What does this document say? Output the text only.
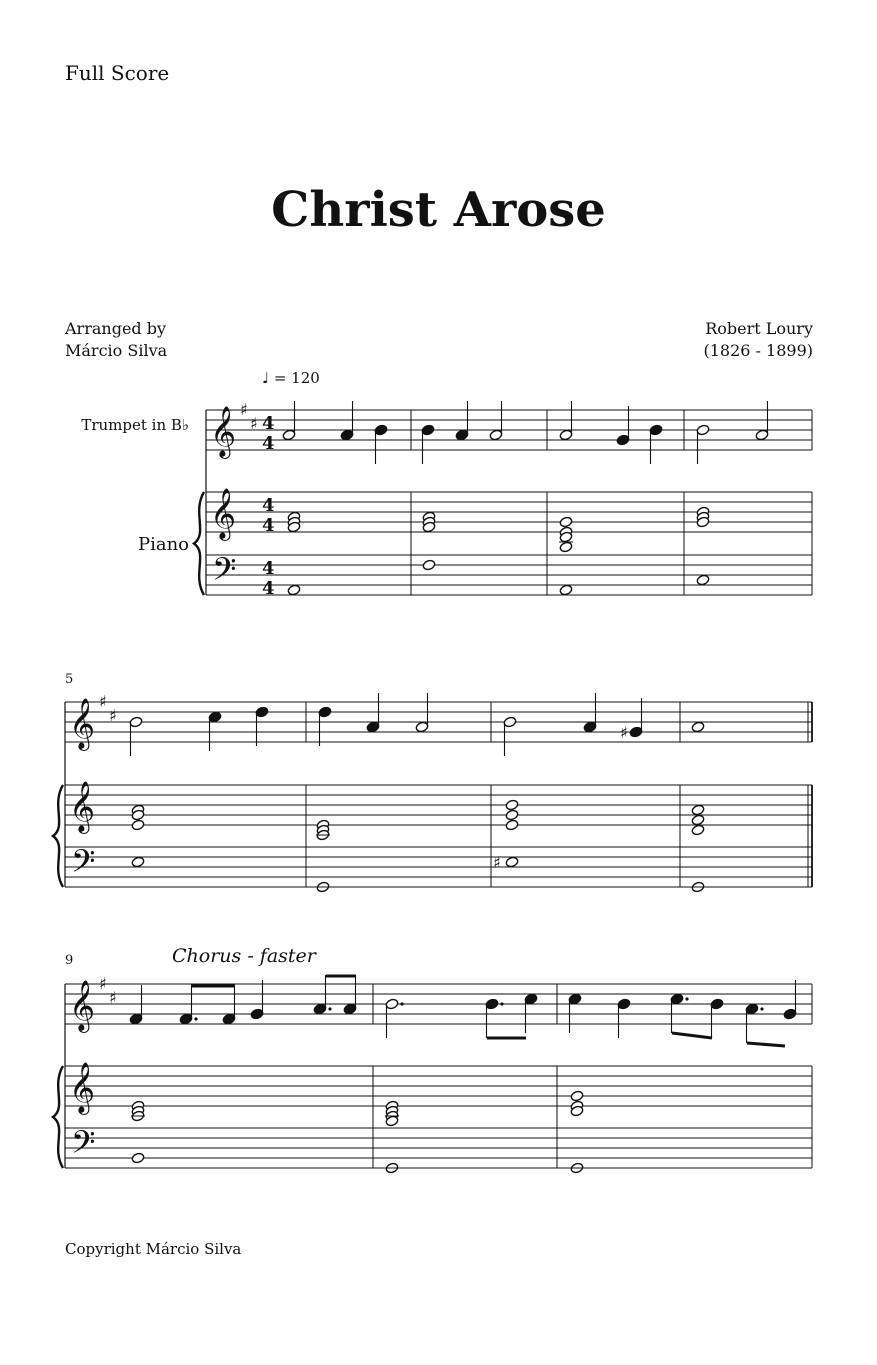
Full Score
Christ Arose
Arranged by
Márcio Silva
Robert Loury
(1826 - 1899)
♩ = 120
Trumpet in B♭
Piano
5
9	Chorus - faster
Copyright Márcio Silva
𝄞 ♯
♯
𝄞
𝄢
𝄞 ♯
♯
𝄞
𝄢
𝄞 ♯
♯
𝄞
𝄢
4
4
4
4
4
4
♯
♯
